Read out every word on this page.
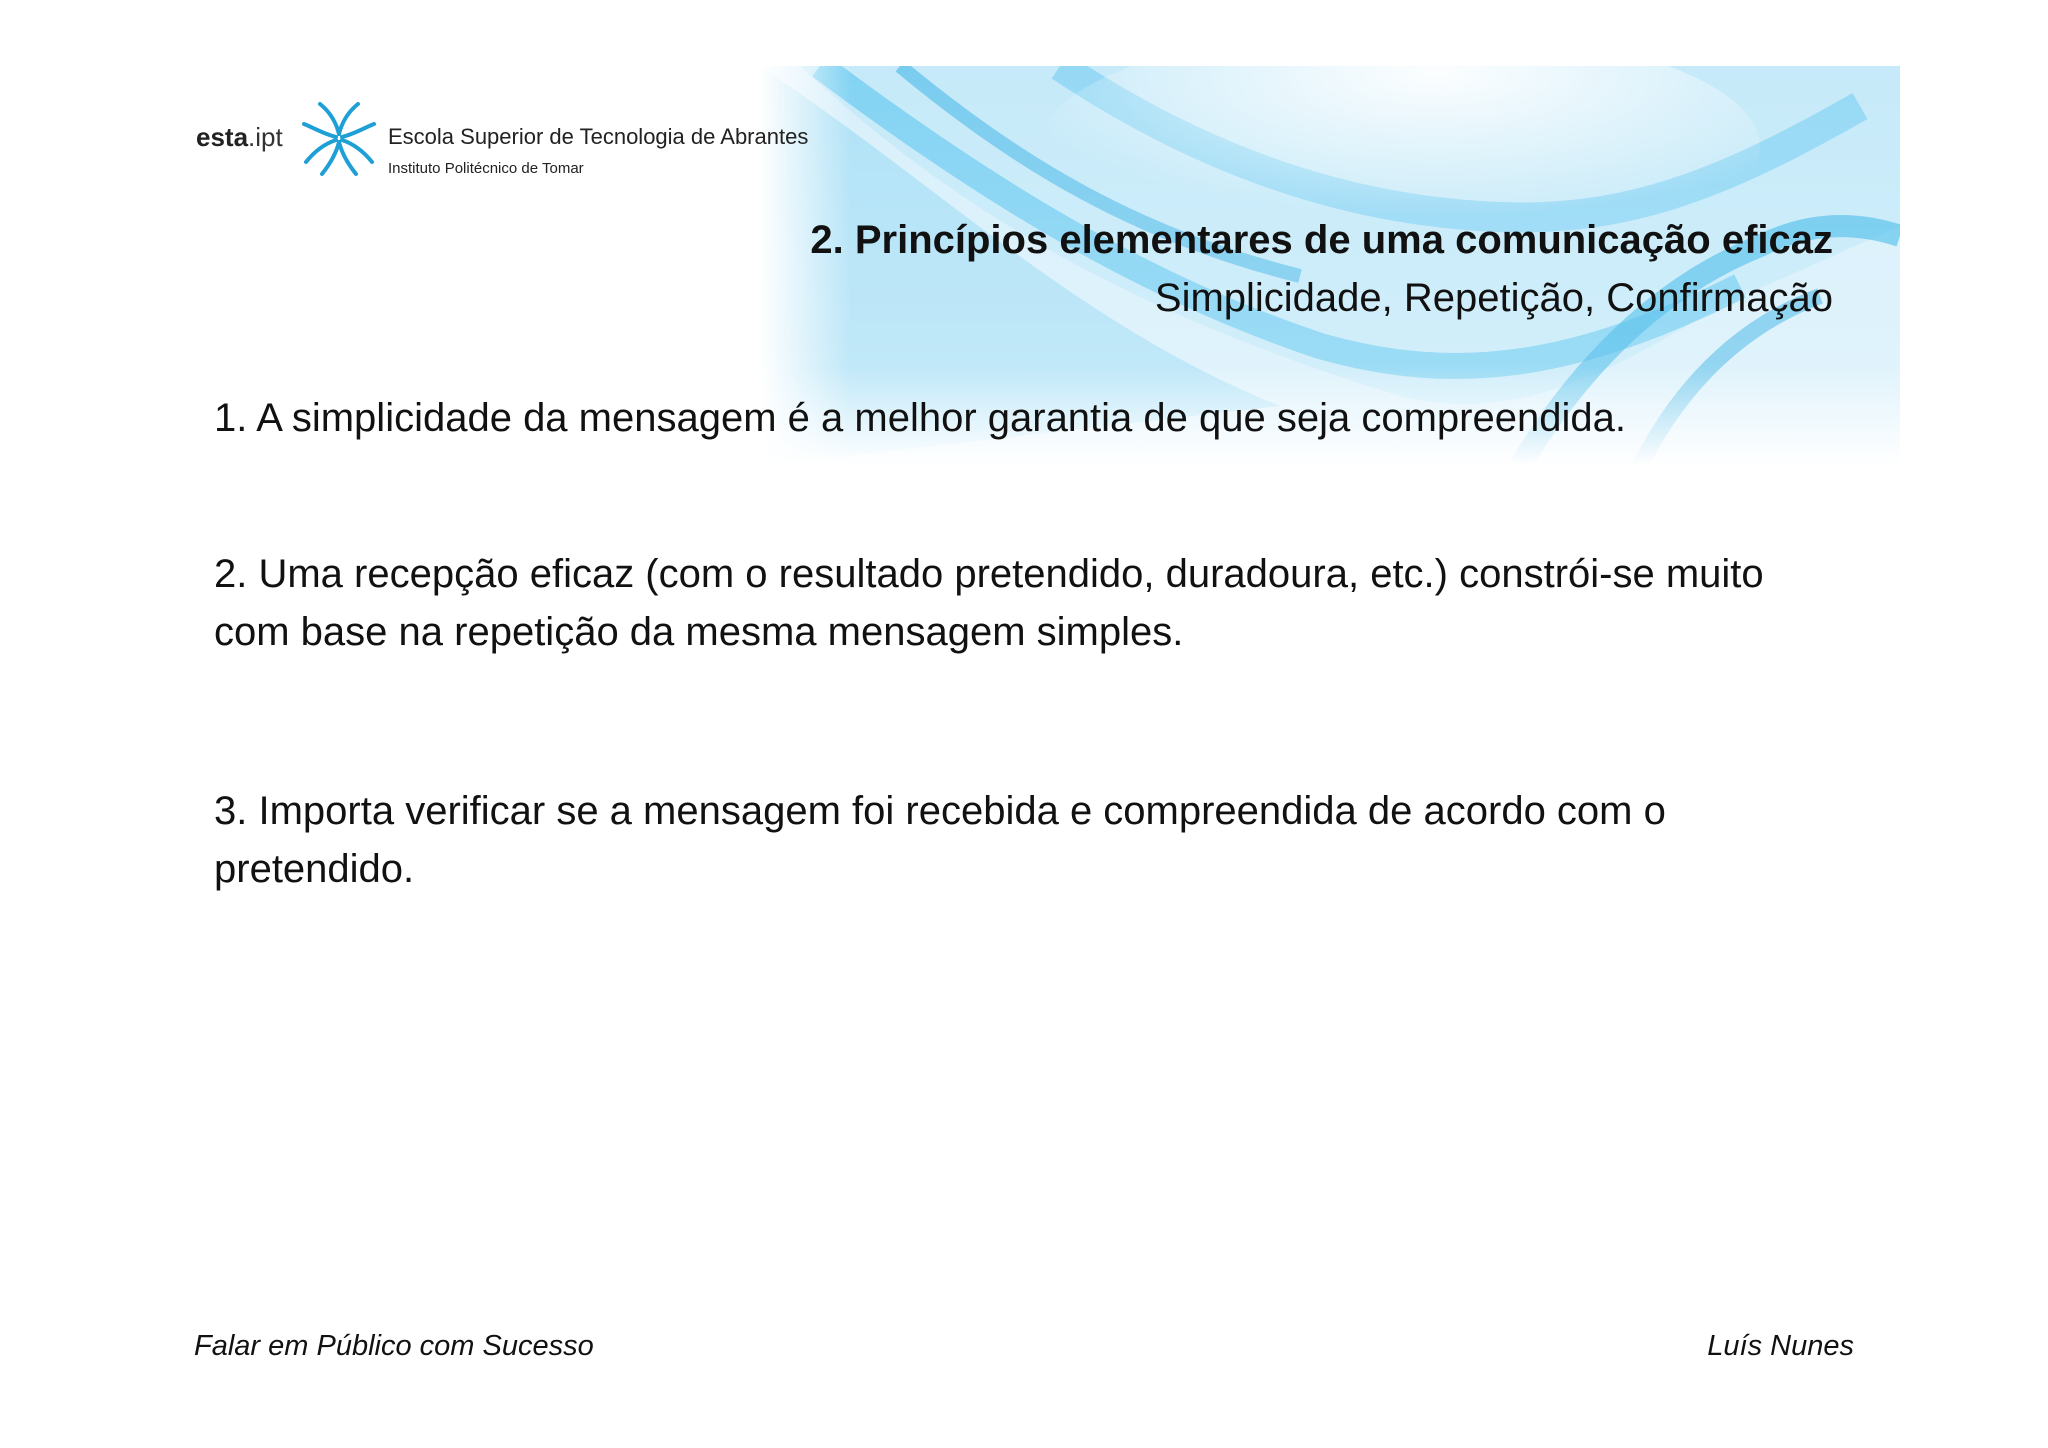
esta.ipt	Escola Superior de Tecnologia de Abrantes
Instituto Politécnico de Tomar
2. Princípios elementares de uma comunicação eficaz
Simplicidade, Repetição, Confirmação
1. A simplicidade da mensagem é a melhor garantia de que seja compreendida.
2. Uma recepção eficaz (com o resultado pretendido, duradoura, etc.) constrói-se muito com base na repetição da mesma mensagem simples.
3. Importa verificar se a mensagem foi recebida e compreendida de acordo com o pretendido.
Falar em Público com Sucesso	Luís Nunes
